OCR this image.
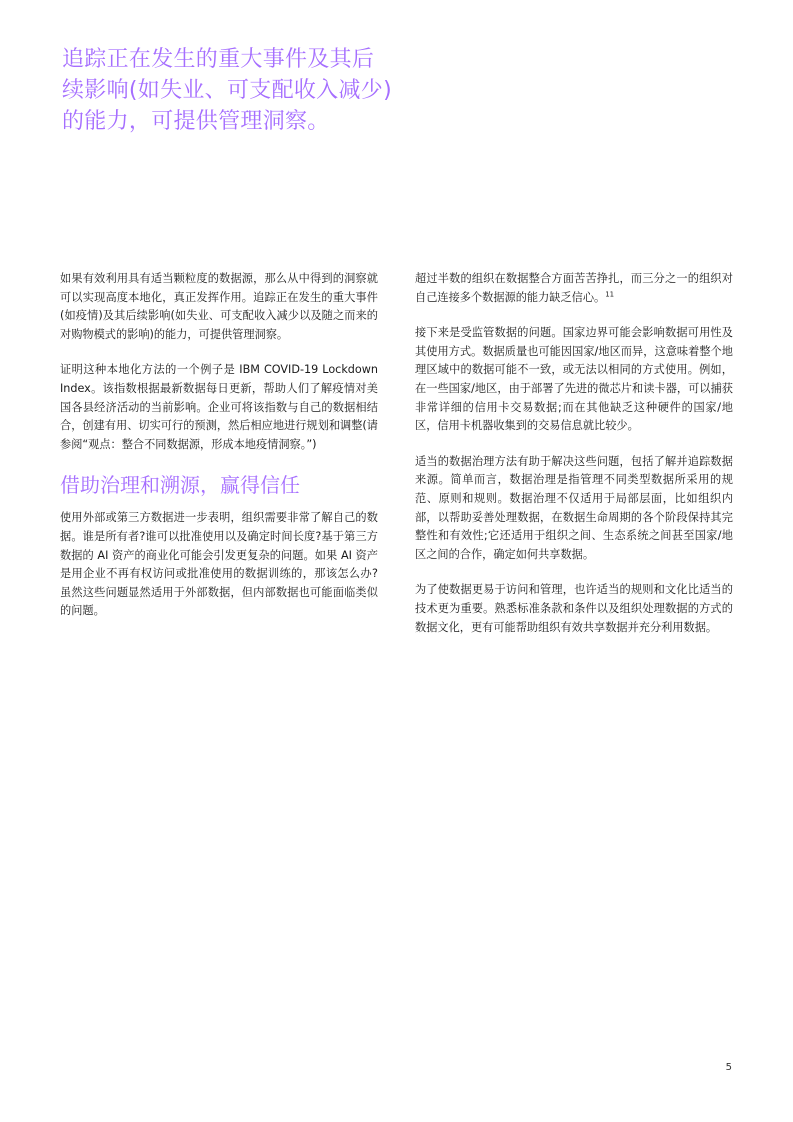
追踪正在发生的重大事件及其后续影响(如失业、可支配收入减少)的能力，可提供管理洞察。

如果有效利用具有适当颗粒度的数据源，那么从中得到的洞察就可以实现高度本地化，真正发挥作用。追踪正在发生的重大事件(如疫情)及其后续影响(如失业、可支配收入减少以及随之而来的对购物模式的影响)的能力，可提供管理洞察。

证明这种本地化方法的一个例子是 IBM COVID-19 Lockdown Index。该指数根据最新数据每日更新，帮助人们了解疫情对美国各县经济活动的当前影响。企业可将该指数与自己的数据相结合，创建有用、切实可行的预测，然后相应地进行规划和调整(请参阅“观点：整合不同数据源，形成本地疫情洞察。”)

借助治理和溯源，赢得信任

使用外部或第三方数据进一步表明，组织需要非常了解自己的数据。谁是所有者?谁可以批准使用以及确定时间长度?基于第三方数据的 AI 资产的商业化可能会引发更复杂的问题。如果 AI 资产是用企业不再有权访问或批准使用的数据训练的，那该怎么办?虽然这些问题显然适用于外部数据，但内部数据也可能面临类似的问题。

超过半数的组织在数据整合方面苦苦挣扎，而三分之一的组织对自己连接多个数据源的能力缺乏信心。$^{11}$

接下来是受监管数据的问题。国家边界可能会影响数据可用性及其使用方式。数据质量也可能因国家/地区而异，这意味着整个地理区域中的数据可能不一致，或无法以相同的方式使用。例如，在一些国家/地区，由于部署了先进的微芯片和读卡器，可以捕获非常详细的信用卡交易数据;而在其他缺乏这种硬件的国家/地区，信用卡机器收集到的交易信息就比较少。

适当的数据治理方法有助于解决这些问题，包括了解并追踪数据来源。简单而言，数据治理是指管理不同类型数据所采用的规范、原则和规则。数据治理不仅适用于局部层面，比如组织内部，以帮助妥善处理数据，在数据生命周期的各个阶段保持其完整性和有效性;它还适用于组织之间、生态系统之间甚至国家/地区之间的合作，确定如何共享数据。

为了使数据更易于访问和管理，也许适当的规则和文化比适当的技术更为重要。熟悉标准条款和条件以及组织处理数据的方式的数据文化，更有可能帮助组织有效共享数据并充分利用数据。

5
